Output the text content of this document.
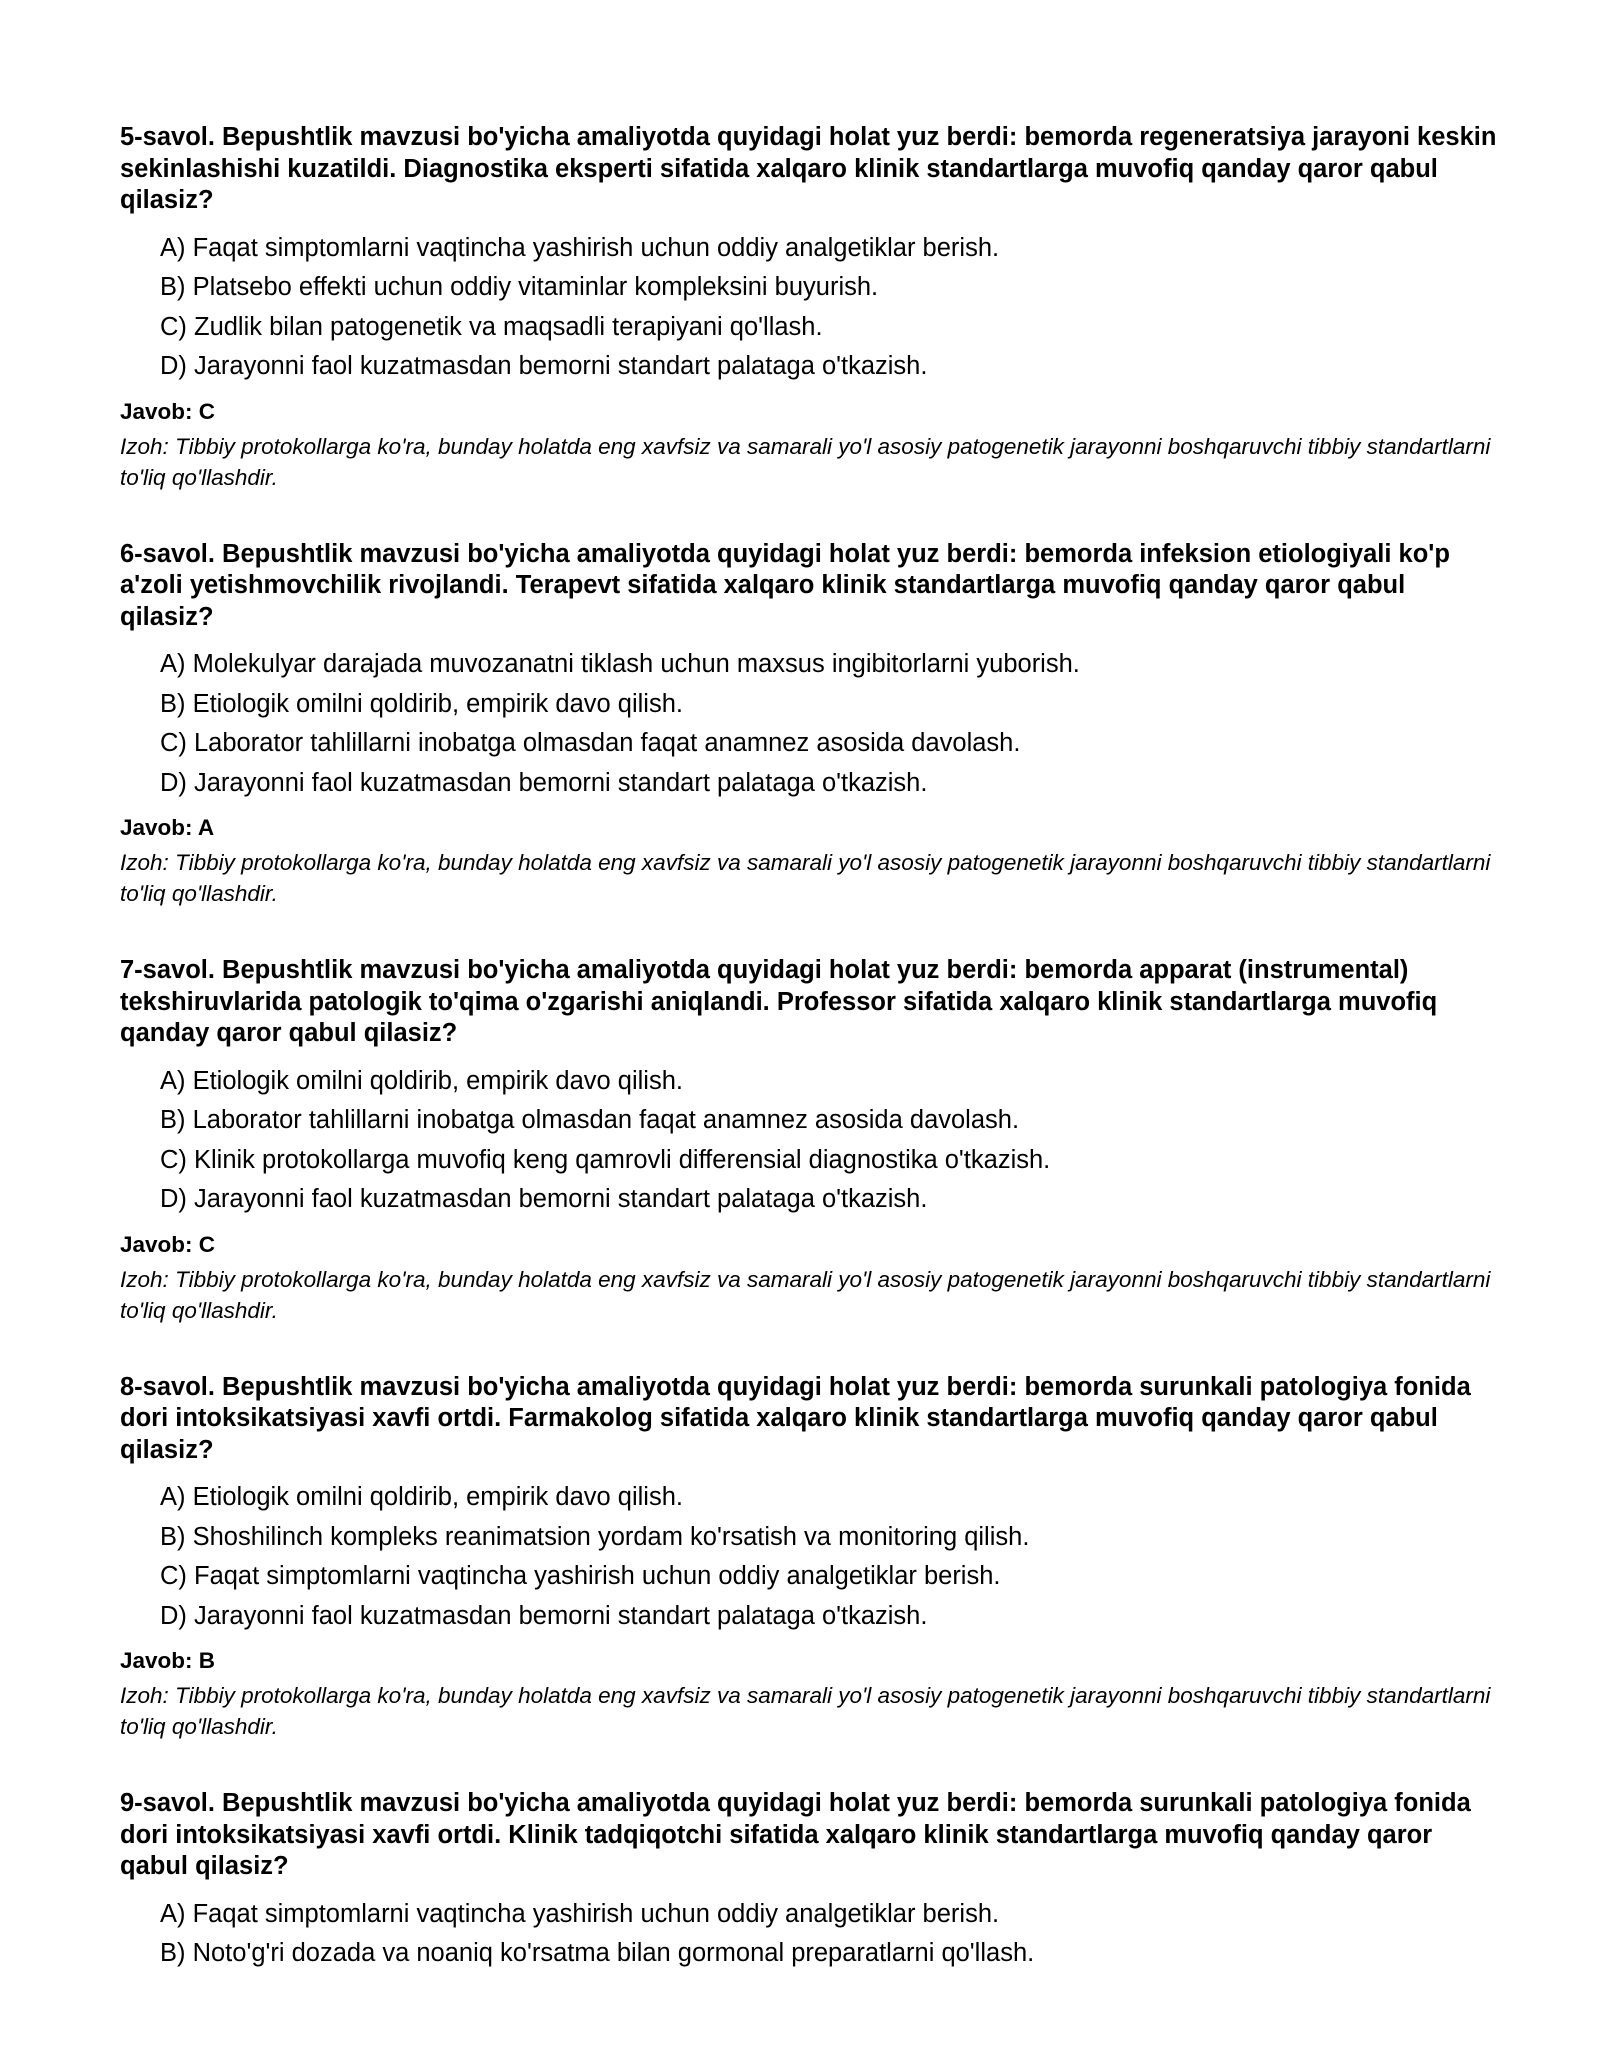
5-savol. Bepushtlik mavzusi bo'yicha amaliyotda quyidagi holat yuz berdi: bemorda regeneratsiya jarayoni keskin sekinlashishi kuzatildi. Diagnostika eksperti sifatida xalqaro klinik standartlarga muvofiq qanday qaror qabul qilasiz?

A) Faqat simptomlarni vaqtincha yashirish uchun oddiy analgetiklar berish.
B) Platsebo effekti uchun oddiy vitaminlar kompleksini buyurish.
C) Zudlik bilan patogenetik va maqsadli terapiyani qo'llash.
D) Jarayonni faol kuzatmasdan bemorni standart palataga o'tkazish.

Javob: C

Izoh: Tibbiy protokollarga ko'ra, bunday holatda eng xavfsiz va samarali yo'l asosiy patogenetik jarayonni boshqaruvchi tibbiy standartlarni to'liq qo'llashdir.

6-savol. Bepushtlik mavzusi bo'yicha amaliyotda quyidagi holat yuz berdi: bemorda infeksion etiologiyali ko'p a'zoli yetishmovchilik rivojlandi. Terapevt sifatida xalqaro klinik standartlarga muvofiq qanday qaror qabul qilasiz?

A) Molekulyar darajada muvozanatni tiklash uchun maxsus ingibitorlarni yuborish.
B) Etiologik omilni qoldirib, empirik davo qilish.
C) Laborator tahlillarni inobatga olmasdan faqat anamnez asosida davolash.
D) Jarayonni faol kuzatmasdan bemorni standart palataga o'tkazish.

Javob: A

Izoh: Tibbiy protokollarga ko'ra, bunday holatda eng xavfsiz va samarali yo'l asosiy patogenetik jarayonni boshqaruvchi tibbiy standartlarni to'liq qo'llashdir.

7-savol. Bepushtlik mavzusi bo'yicha amaliyotda quyidagi holat yuz berdi: bemorda apparat (instrumental) tekshiruvlarida patologik to'qima o'zgarishi aniqlandi. Professor sifatida xalqaro klinik standartlarga muvofiq qanday qaror qabul qilasiz?

A) Etiologik omilni qoldirib, empirik davo qilish.
B) Laborator tahlillarni inobatga olmasdan faqat anamnez asosida davolash.
C) Klinik protokollarga muvofiq keng qamrovli differensial diagnostika o'tkazish.
D) Jarayonni faol kuzatmasdan bemorni standart palataga o'tkazish.

Javob: C

Izoh: Tibbiy protokollarga ko'ra, bunday holatda eng xavfsiz va samarali yo'l asosiy patogenetik jarayonni boshqaruvchi tibbiy standartlarni to'liq qo'llashdir.

8-savol. Bepushtlik mavzusi bo'yicha amaliyotda quyidagi holat yuz berdi: bemorda surunkali patologiya fonida dori intoksikatsiyasi xavfi ortdi. Farmakolog sifatida xalqaro klinik standartlarga muvofiq qanday qaror qabul qilasiz?

A) Etiologik omilni qoldirib, empirik davo qilish.
B) Shoshilinch kompleks reanimatsion yordam ko'rsatish va monitoring qilish.
C) Faqat simptomlarni vaqtincha yashirish uchun oddiy analgetiklar berish.
D) Jarayonni faol kuzatmasdan bemorni standart palataga o'tkazish.

Javob: B

Izoh: Tibbiy protokollarga ko'ra, bunday holatda eng xavfsiz va samarali yo'l asosiy patogenetik jarayonni boshqaruvchi tibbiy standartlarni to'liq qo'llashdir.

9-savol. Bepushtlik mavzusi bo'yicha amaliyotda quyidagi holat yuz berdi: bemorda surunkali patologiya fonida dori intoksikatsiyasi xavfi ortdi. Klinik tadqiqotchi sifatida xalqaro klinik standartlarga muvofiq qanday qaror qabul qilasiz?

A) Faqat simptomlarni vaqtincha yashirish uchun oddiy analgetiklar berish.
B) Noto'g'ri dozada va noaniq ko'rsatma bilan gormonal preparatlarni qo'llash.
